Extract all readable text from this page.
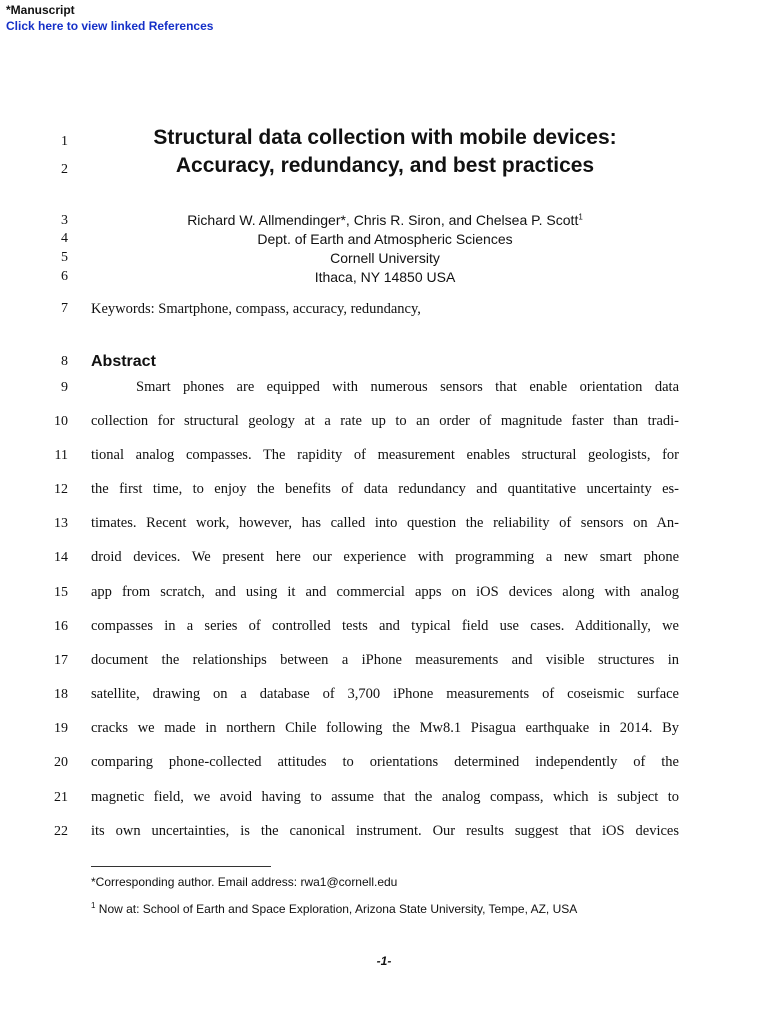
*Manuscript
Click here to view linked References
1
2
3
4
5
6
7
8
9
10
11
12
13
14
15
16
17
18
19
20
21
22
Structural data collection with mobile devices:
Accuracy, redundancy, and best practices
Richard W. Allmendinger*, Chris R. Siron, and Chelsea P. Scott$^1$
Dept. of Earth and Atmospheric Sciences
Cornell University
Ithaca, NY 14850 USA
Keywords: Smartphone, compass, accuracy, redundancy,
Abstract
Smart phones are equipped with numerous sensors that enable orientation data
collection for structural geology at a rate up to an order of magnitude faster than tradi-
tional analog compasses. The rapidity of measurement enables structural geologists, for
the first time, to enjoy the benefits of data redundancy and quantitative uncertainty es-
timates. Recent work, however, has called into question the reliability of sensors on An-
droid devices. We present here our experience with programming a new smart phone
app from scratch, and using it and commercial apps on iOS devices along with analog
compasses in a series of controlled tests and typical field use cases. Additionally, we
document the relationships between a iPhone measurements and visible structures in
satellite, drawing on a database of 3,700 iPhone measurements of coseismic surface
cracks we made in northern Chile following the Mw8.1 Pisagua earthquake in 2014. By
comparing phone-collected attitudes to orientations determined independently of the
magnetic field, we avoid having to assume that the analog compass, which is subject to
its own uncertainties, is the canonical instrument. Our results suggest that iOS devices
*Corresponding author. Email address: rwa1@cornell.edu
$^1$ Now at: School of Earth and Space Exploration, Arizona State University, Tempe, AZ, USA
-1-
